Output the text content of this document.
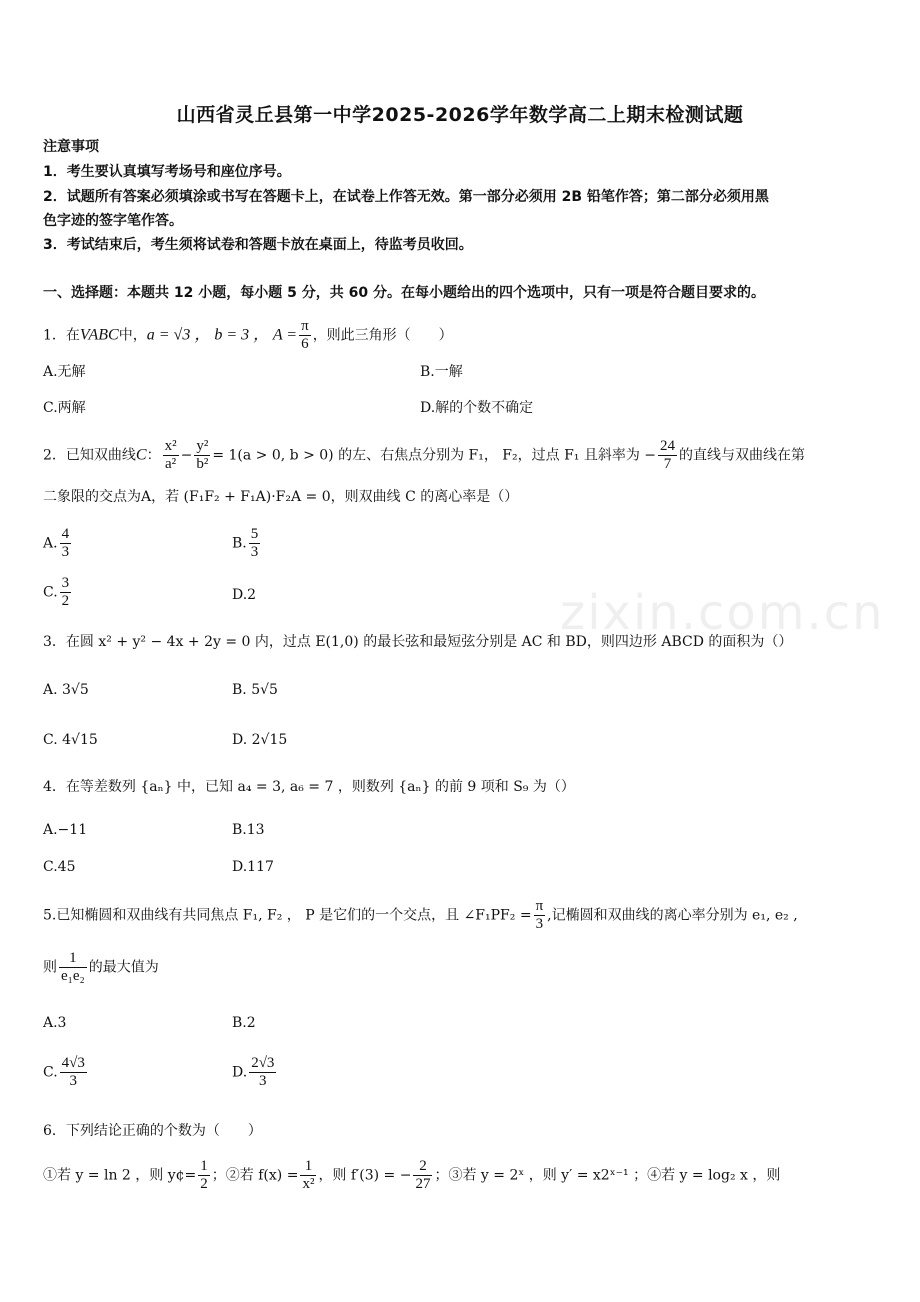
zixin.com.cn
山西省灵丘县第一中学2025-2026学年数学高二上期末检测试题
注意事项
1．考生要认真填写考场号和座位序号。
2．试题所有答案必须填涂或书写在答题卡上，在试卷上作答无效。第一部分必须用 2B 铅笔作答；第二部分必须用黑
色字迹的签字笔作答。
3．考试结束后，考生须将试卷和答题卡放在桌面上，待监考员收回。
一、选择题：本题共 12 小题，每小题 5 分，共 60 分。在每小题给出的四个选项中，只有一项是符合题目要求的。
1．在VABC中，a = √3 ， b = 3 ， $A = \frac{\pi}{6}$ ，则此三角形（　　）
A.无解	B.一解
C.两解	D.解的个数不确定
2．已知双曲线C： $\frac{\text{x²}}{\text{a²}} - \frac{\text{y²}}{\text{b²}} = 1(a > 0$, b > 0) 的左、右焦点分别为 F₁， F₂，过点 F₁ 且斜率为 − $\frac{24}{7}$ 的直线与双曲线在第
二象限的交点为A，若 (F₁F₂ + F₁A)·F₂A = 0，则双曲线 C 的离心率是（）
A. $\frac{4}{3}$	B. $\frac{5}{3}$
C. $\frac{3}{2}$	D.2
3．在圆 x² + y² − 4x + 2y = 0 内，过点 E(1,0) 的最长弦和最短弦分别是 AC 和 BD，则四边形 ABCD 的面积为（）
A. 3√5	B. 5√5
C. 4√15	D. 2√15
4．在等差数列 {aₙ} 中，已知 a₄ = 3, a₆ = 7 ，则数列 {aₙ} 的前 9 项和 S₉ 为（）
A.−11	B.13
C.45	D.117
5.已知椭圆和双曲线有共同焦点 F₁, F₂ ， P 是它们的一个交点，且 ∠F₁PF₂ = $\frac{\pi}{3}$ ,记椭圆和双曲线的离心率分别为 e₁, e₂ ,
则 $\frac{1}{\text{e₁e₂}}$ 的最大值为
A.3	B.2
C. $\frac{4√3}{3}$	D. $\frac{2√3}{3}$
6．下列结论正确的个数为（　　）
①若 y = ln 2 ，则 y¢= $\frac{1}{2}$ ；②若 $f(x) = \frac{1}{\text{x²}}$ ，则 f′(3) = − $\frac{2}{27}$ ；③若 y = 2ˣ ，则 y′ = x2ˣ⁻¹ ；④若 y = log₂ x ，则
